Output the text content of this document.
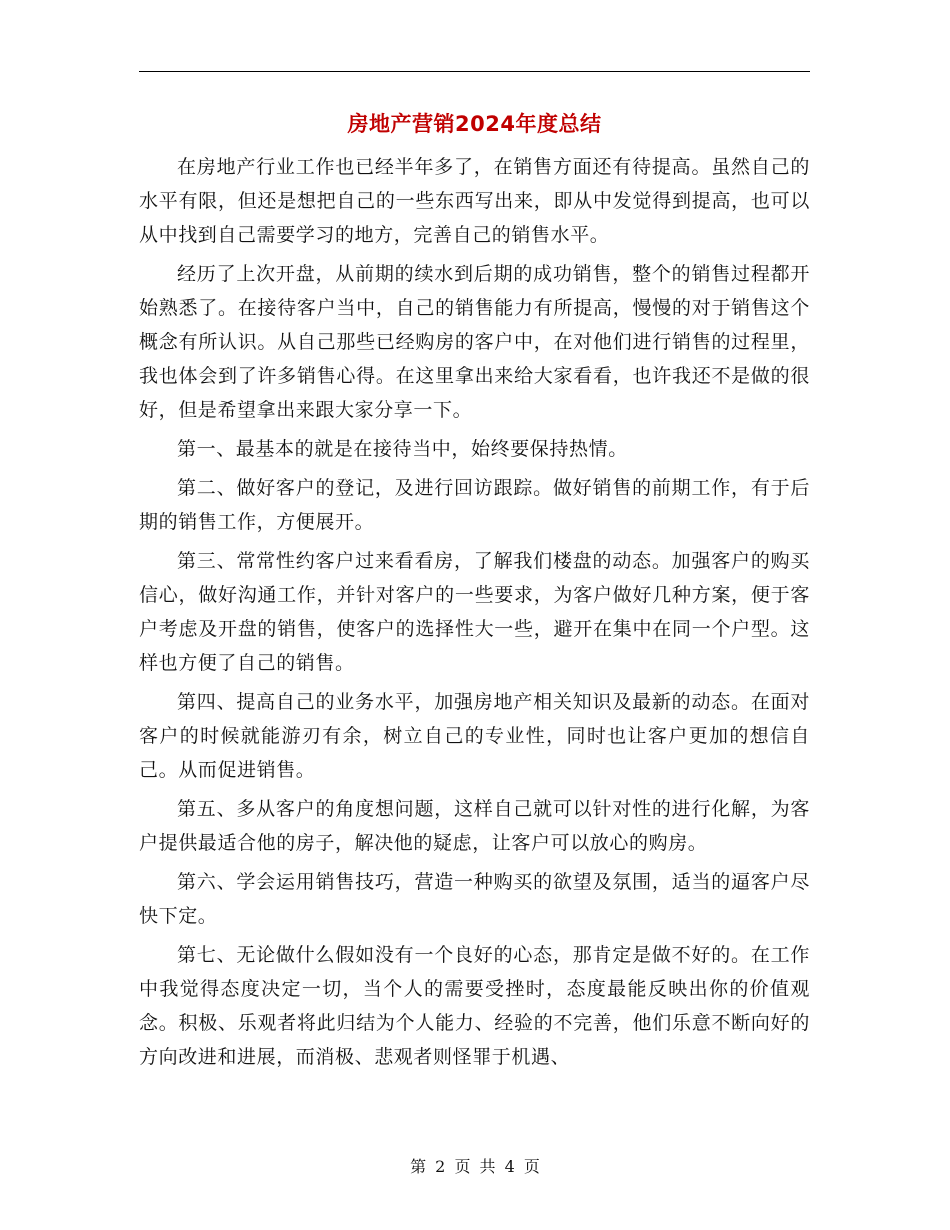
房地产营销2024年度总结

在房地产行业工作也已经半年多了，在销售方面还有待提高。虽然自己的水平有限，但还是想把自己的一些东西写出来，即从中发觉得到提高，也可以从中找到自己需要学习的地方，完善自己的销售水平。

经历了上次开盘，从前期的续水到后期的成功销售，整个的销售过程都开始熟悉了。在接待客户当中，自己的销售能力有所提高，慢慢的对于销售这个概念有所认识。从自己那些已经购房的客户中，在对他们进行销售的过程里，我也体会到了许多销售心得。在这里拿出来给大家看看，也许我还不是做的很好，但是希望拿出来跟大家分享一下。

第一、最基本的就是在接待当中，始终要保持热情。

第二、做好客户的登记，及进行回访跟踪。做好销售的前期工作，有于后期的销售工作，方便展开。

第三、常常性约客户过来看看房，了解我们楼盘的动态。加强客户的购买信心，做好沟通工作，并针对客户的一些要求，为客户做好几种方案，便于客户考虑及开盘的销售，使客户的选择性大一些，避开在集中在同一个户型。这样也方便了自己的销售。

第四、提高自己的业务水平，加强房地产相关知识及最新的动态。在面对客户的时候就能游刃有余，树立自己的专业性，同时也让客户更加的想信自己。从而促进销售。

第五、多从客户的角度想问题，这样自己就可以针对性的进行化解，为客户提供最适合他的房子，解决他的疑虑，让客户可以放心的购房。

第六、学会运用销售技巧，营造一种购买的欲望及氛围，适当的逼客户尽快下定。

第七、无论做什么假如没有一个良好的心态，那肯定是做不好的。在工作中我觉得态度决定一切，当个人的需要受挫时，态度最能反映出你的价值观念。积极、乐观者将此归结为个人能力、经验的不完善，他们乐意不断向好的方向改进和进展，而消极、悲观者则怪罪于机遇、

第 2 页 共 4 页
